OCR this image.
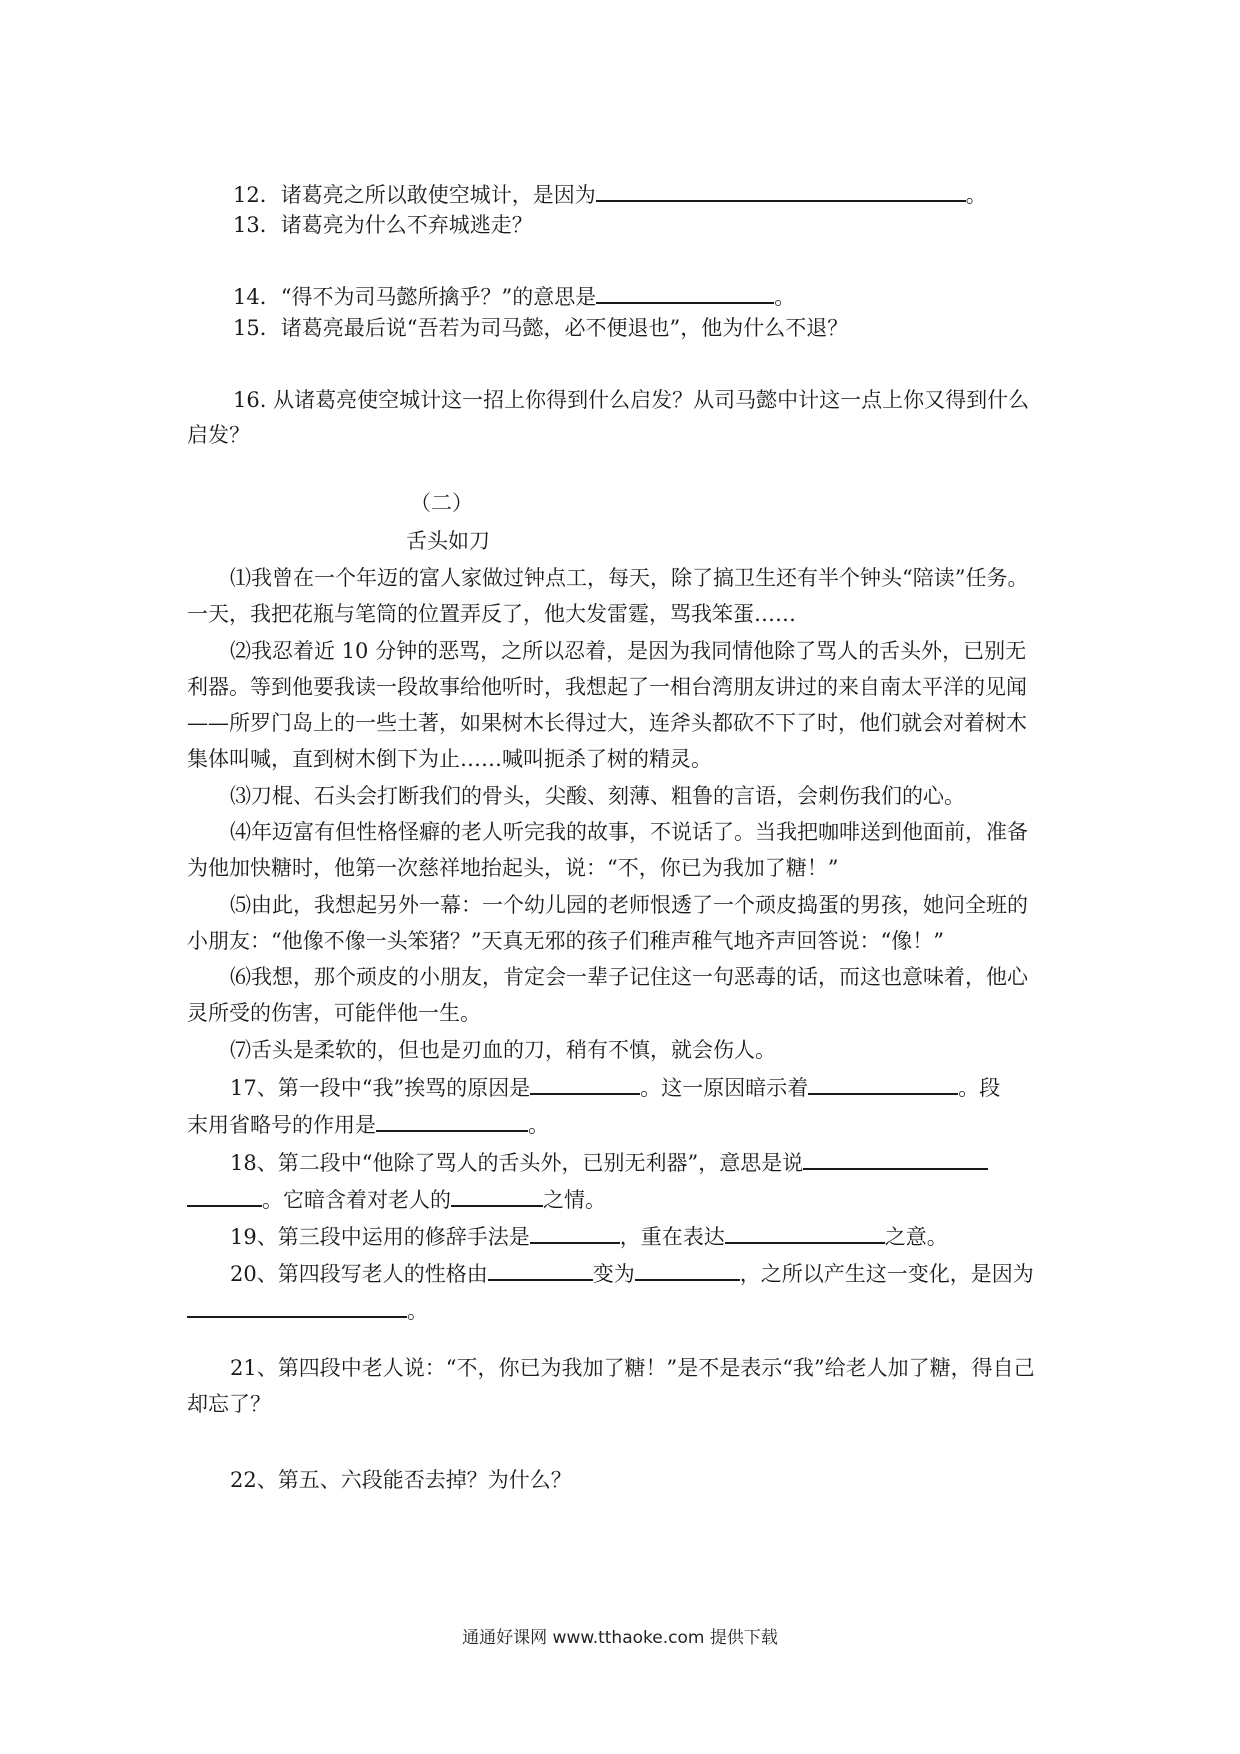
12．诸葛亮之所以敢使空城计，是因为	。
13．诸葛亮为什么不弃城逃走？
14．“得不为司马懿所擒乎？”的意思是	。
15．诸葛亮最后说“吾若为司马懿，必不便退也”，他为什么不退？
16. 从诸葛亮使空城计这一招上你得到什么启发？从司马懿中计这一点上你又得到什么
启发？
（二）
舌头如刀
⑴我曾在一个年迈的富人家做过钟点工，每天，除了搞卫生还有半个钟头“陪读”任务。
一天，我把花瓶与笔筒的位置弄反了，他大发雷霆，骂我笨蛋……
⑵我忍着近 10 分钟的恶骂，之所以忍着，是因为我同情他除了骂人的舌头外，已别无
利器。等到他要我读一段故事给他听时，我想起了一相台湾朋友讲过的来自南太平洋的见闻
——所罗门岛上的一些土著，如果树木长得过大，连斧头都砍不下了时，他们就会对着树木
集体叫喊，直到树木倒下为止……喊叫扼杀了树的精灵。
⑶刀棍、石头会打断我们的骨头，尖酸、刻薄、粗鲁的言语，会刺伤我们的心。
⑷年迈富有但性格怪癖的老人听完我的故事，不说话了。当我把咖啡送到他面前，准备
为他加快糖时，他第一次慈祥地抬起头，说：“不，你已为我加了糖！”
⑸由此，我想起另外一幕：一个幼儿园的老师恨透了一个顽皮捣蛋的男孩，她问全班的
小朋友：“他像不像一头笨猪？”天真无邪的孩子们稚声稚气地齐声回答说：“像！”
⑹我想，那个顽皮的小朋友，肯定会一辈子记住这一句恶毒的话，而这也意味着，他心
灵所受的伤害，可能伴他一生。
⑺舌头是柔软的，但也是刃血的刀，稍有不慎，就会伤人。
17、第一段中“我”挨骂的原因是	。这一原因暗示着	。段
末用省略号的作用是	。
18、第二段中“他除了骂人的舌头外，已别无利器”，意思是说
。它暗含着对老人的	之情。
19、第三段中运用的修辞手法是	，重在表达	之意。
20、第四段写老人的性格由	变为	，之所以产生这一变化，是因为
。
21、第四段中老人说：“不，你已为我加了糖！”是不是表示“我”给老人加了糖，得自己
却忘了？
22、第五、六段能否去掉？为什么？
通通好课网 www.tthaoke.com 提供下载
